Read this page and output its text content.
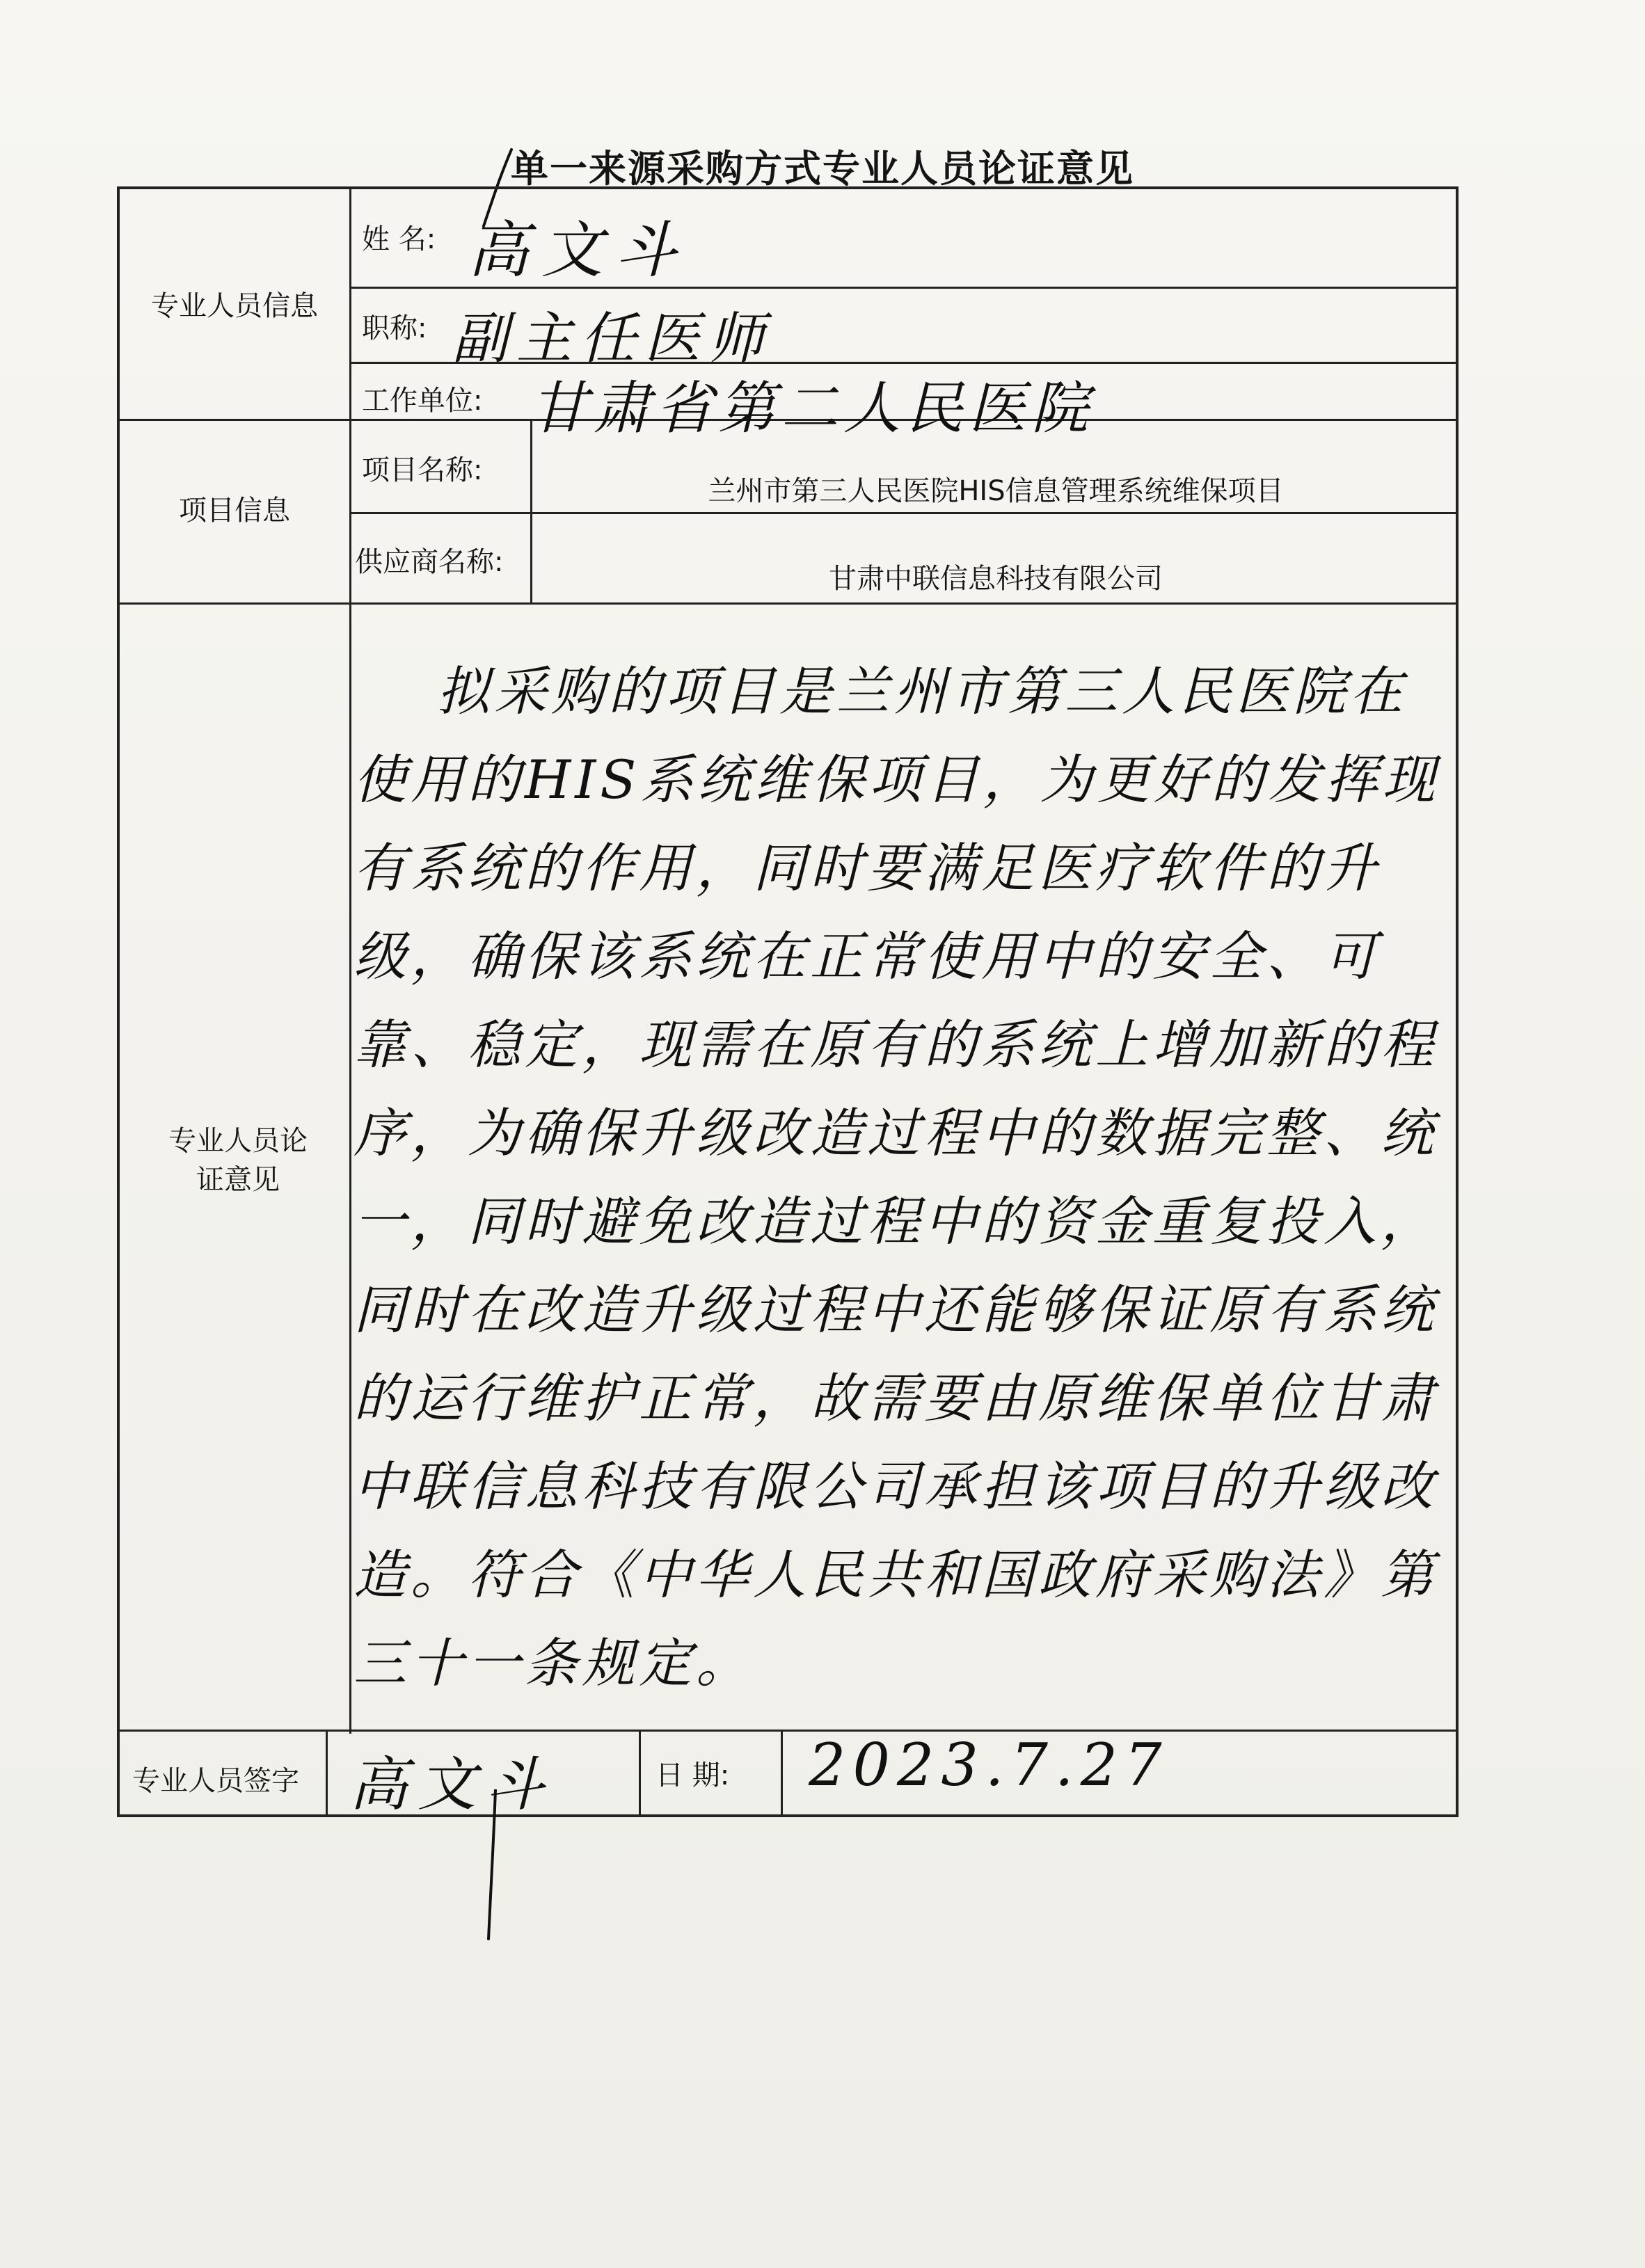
单一来源采购方式专业人员论证意见
专业人员信息
项目信息
专业人员论证意见
姓 名: 高文斗
职称: 副主任医师
工作单位: 甘肃省第二人民医院
项目名称:
兰州市第三人民医院HIS信息管理系统维保项目
供应商名称:
甘肃中联信息科技有限公司
专业人员签字 高文斗	日 期: 2023.7.27
拟采购的项目是兰州市第三人民医院在使用的HIS系统维保项目，为更好的发挥现有系统的作用，同时要满足医疗软件的升级，确保该系统在正常使用中的安全、可靠、稳定，现需在原有的系统上增加新的程序，为确保升级改造过程中的数据完整、统一，同时避免改造过程中的资金重复投入，同时在改造升级过程中还能够保证原有系统的运行维护正常，故需要由原维保单位甘肃中联信息科技有限公司承担该项目的升级改造。符合《中华人民共和国政府采购法》第三十一条规定。
